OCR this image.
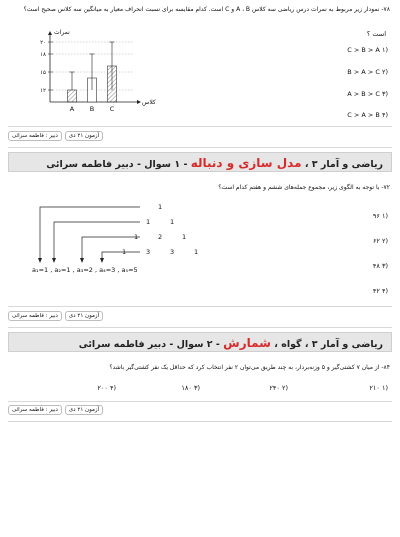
۷۸- نمودار زیر مربوط به نمرات درس ریاضی سه کلاس A ، B و C است. کدام مقایسه برای نسبت انحراف معیار به میانگین سه کلاس صحیح است؟
نمرات
کلاس
۱۲
۱۵
۱۸
۲۰
A B C
است ؟
(۱ C > B > A
(۲ B > A > C
(۳ A > B > C
(۴ C > A > B
دبیر : فاطمه سرائی	آزمون ۲۱ دی
ریاضی و آمار ۳ ، مدل سازی و دنباله - ۱ سوال - دبیر فاطمه سرائی
۷۲- با توجه به الگوی زیر، مجموع جمله‌های ششم و هفتم کدام است؟
1
1	1
1	2	1
1	3	3	1
a₁=1 , a₂=1 , a₃=2 , a₄=3 , a₅=5
(۱ ۹۶
(۲ ۶۲
(۳ ۴۸
(۴ ۴۲
دبیر : فاطمه سرائی	آزمون ۲۱ دی
ریاضی و آمار ۳ ، گواه ، شمارش - ۲ سوال - دبیر فاطمه سرائی
۸۴- از میان ۷ کشتی‌گیر و ۵ وزنه‌بردار، به چند طریق می‌توان ۲ نفر انتخاب کرد که حداقل یک نفر کشتی‌گیر باشد؟
(۱ ۲۱۰
(۲ ۲۴۰
(۳ ۱۸۰
(۴ ۲۰۰
دبیر : فاطمه سرائی	آزمون ۲۱ دی
